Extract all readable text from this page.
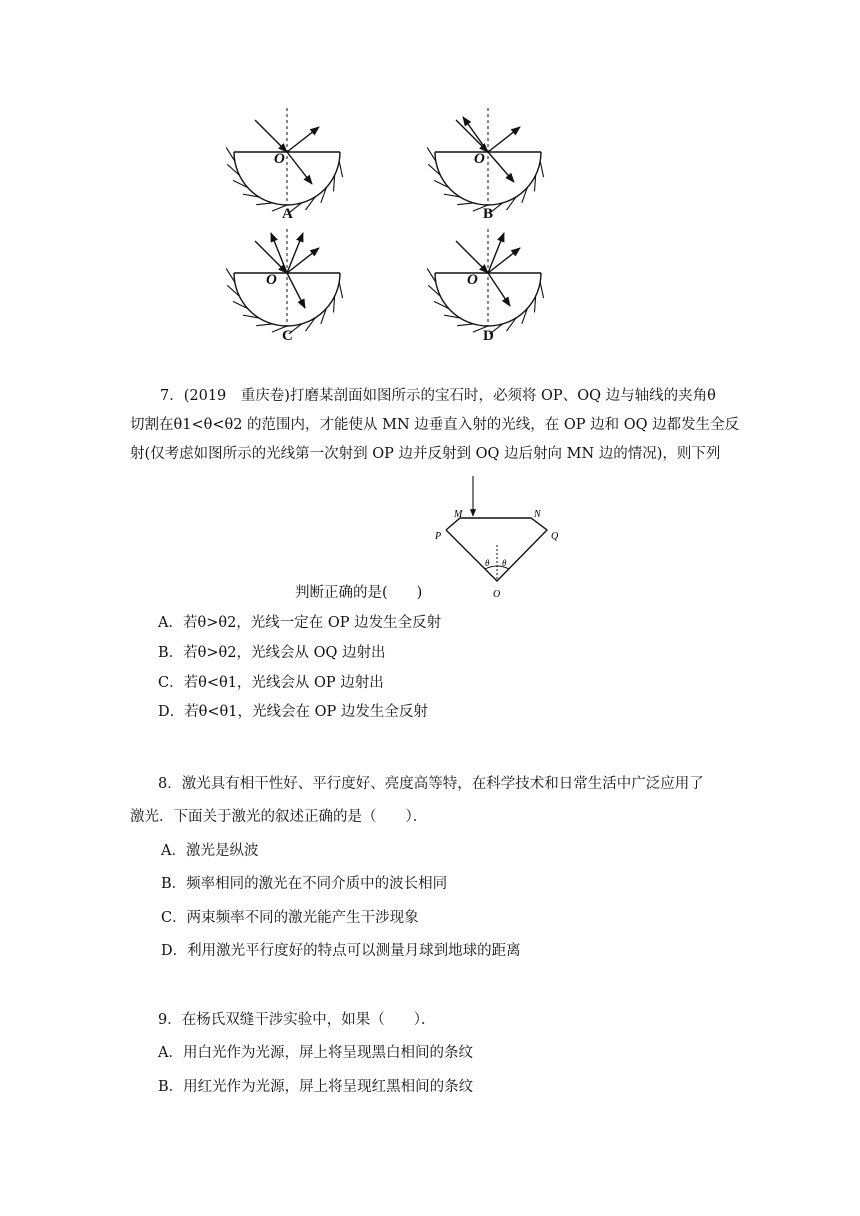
A	B
C	D
O	O
O	O
7．(2019　重庆卷)打磨某剖面如图所示的宝石时，必须将 OP、OQ 边与轴线的夹角θ
切割在θ1<θ<θ2 的范围内，才能使从 MN 边垂直入射的光线，在 OP 边和 OQ 边都发生全反
射(仅考虑如图所示的光线第一次射到 OP 边并反射到 OQ 边后射向 MN 边的情况)，则下列
M	N
P	Q
O
θ θ
判断正确的是(　　)
A．若θ>θ2，光线一定在 OP 边发生全反射
B．若θ>θ2，光线会从 OQ 边射出
C．若θ<θ1，光线会从 OP 边射出
D．若θ<θ1，光线会在 OP 边发生全反射
8．激光具有相干性好、平行度好、亮度高等特，在科学技术和日常生活中广泛应用了
激光．下面关于激光的叙述正确的是（　　）．
A．激光是纵波
B．频率相同的激光在不同介质中的波长相同
C．两束频率不同的激光能产生干涉现象
D．利用激光平行度好的特点可以测量月球到地球的距离
9．在杨氏双缝干涉实验中，如果（　　）．
A．用白光作为光源，屏上将呈现黑白相间的条纹
B．用红光作为光源，屏上将呈现红黑相间的条纹
